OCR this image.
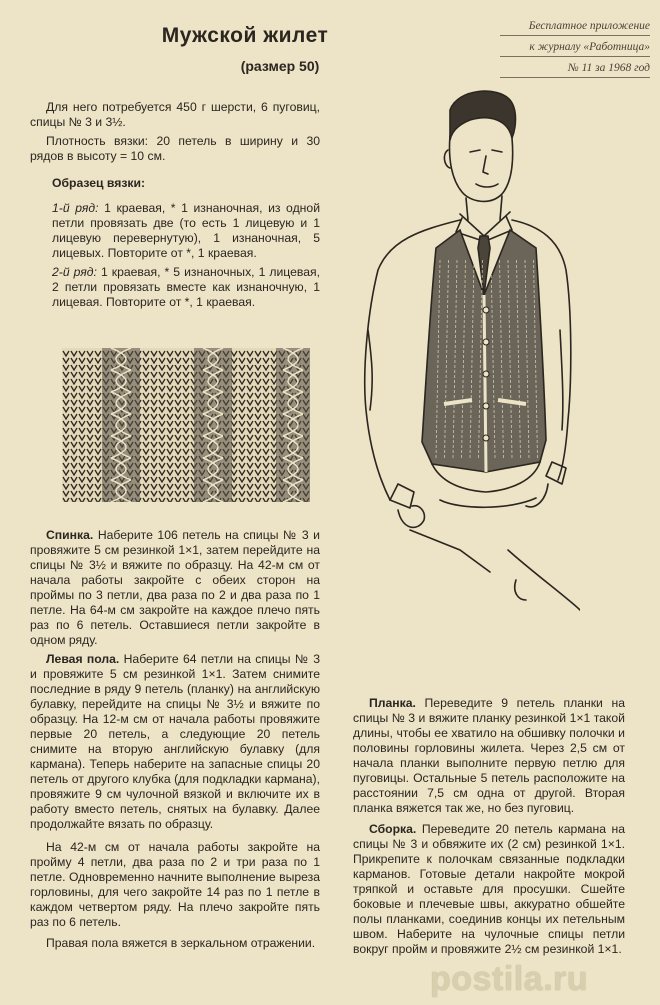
Мужской жилет
(размер 50)
Бесплатное приложение
к журналу «Работница»
№ 11 за 1968 год

Для него потребуется 450 г шерсти, 6 пуговиц, спицы № 3 и 3½.

Плотность вязки: 20 петель в ширину и 30 рядов в высоту = 10 см.

Образец вязки:

1-й ряд: 1 краевая, * 1 изнаночная, из одной петли провязать две (то есть 1 лицевую и 1 лицевую перевернутую), 1 изнаночная, 5 лицевых. Повторите от *, 1 краевая.

2-й ряд: 1 краевая, * 5 изнаночных, 1 лицевая, 2 петли провязать вместе как изнаночную, 1 лицевая. Повторите от *, 1 краевая.

Спинка. Наберите 106 петель на спицы № 3 и провяжите 5 см резинкой 1×1, затем перейдите на спицы № 3½ и вяжите по образцу. На 42-м см от начала работы закройте с обеих сторон на проймы по 3 петли, два раза по 2 и два раза по 1 петле. На 64-м см закройте на каждое плечо пять раз по 6 петель. Оставшиеся петли закройте в одном ряду.

Левая пола. Наберите 64 петли на спицы № 3 и провяжите 5 см резинкой 1×1. Затем снимите последние в ряду 9 петель (планку) на английскую булавку, перейдите на спицы № 3½ и вяжите по образцу. На 12-м см от начала работы провяжите первые 20 петель, а следующие 20 петель снимите на вторую английскую булавку (для кармана). Теперь наберите на запасные спицы 20 петель от другого клубка (для подкладки кармана), провяжите 9 см чулочной вязкой и включите их в работу вместо петель, снятых на булавку. Далее продолжайте вязать по образцу.

На 42-м см от начала работы закройте на пройму 4 петли, два раза по 2 и три раза по 1 петле. Одновременно начните выполнение выреза горловины, для чего закройте 14 раз по 1 петле в каждом четвертом ряду. На плечо закройте пять раз по 6 петель.

Правая пола вяжется в зеркальном отражении.

Планка. Переведите 9 петель планки на спицы № 3 и вяжите планку резинкой 1×1 такой длины, чтобы ее хватило на обшивку полочки и половины горловины жилета. Через 2,5 см от начала планки выполните первую петлю для пуговицы. Остальные 5 петель расположите на расстоянии 7,5 см одна от другой. Вторая планка вяжется так же, но без пуговиц.

Сборка. Переведите 20 петель кармана на спицы № 3 и обвяжите их (2 см) резинкой 1×1. Прикрепите к полочкам связанные подкладки карманов. Готовые детали накройте мокрой тряпкой и оставьте для просушки. Сшейте боковые и плечевые швы, аккуратно обшейте полы планками, соединив концы их петельным швом. Наберите на чулочные спицы петли вокруг пройм и провяжите 2½ см резинкой 1×1.

postila.ru
